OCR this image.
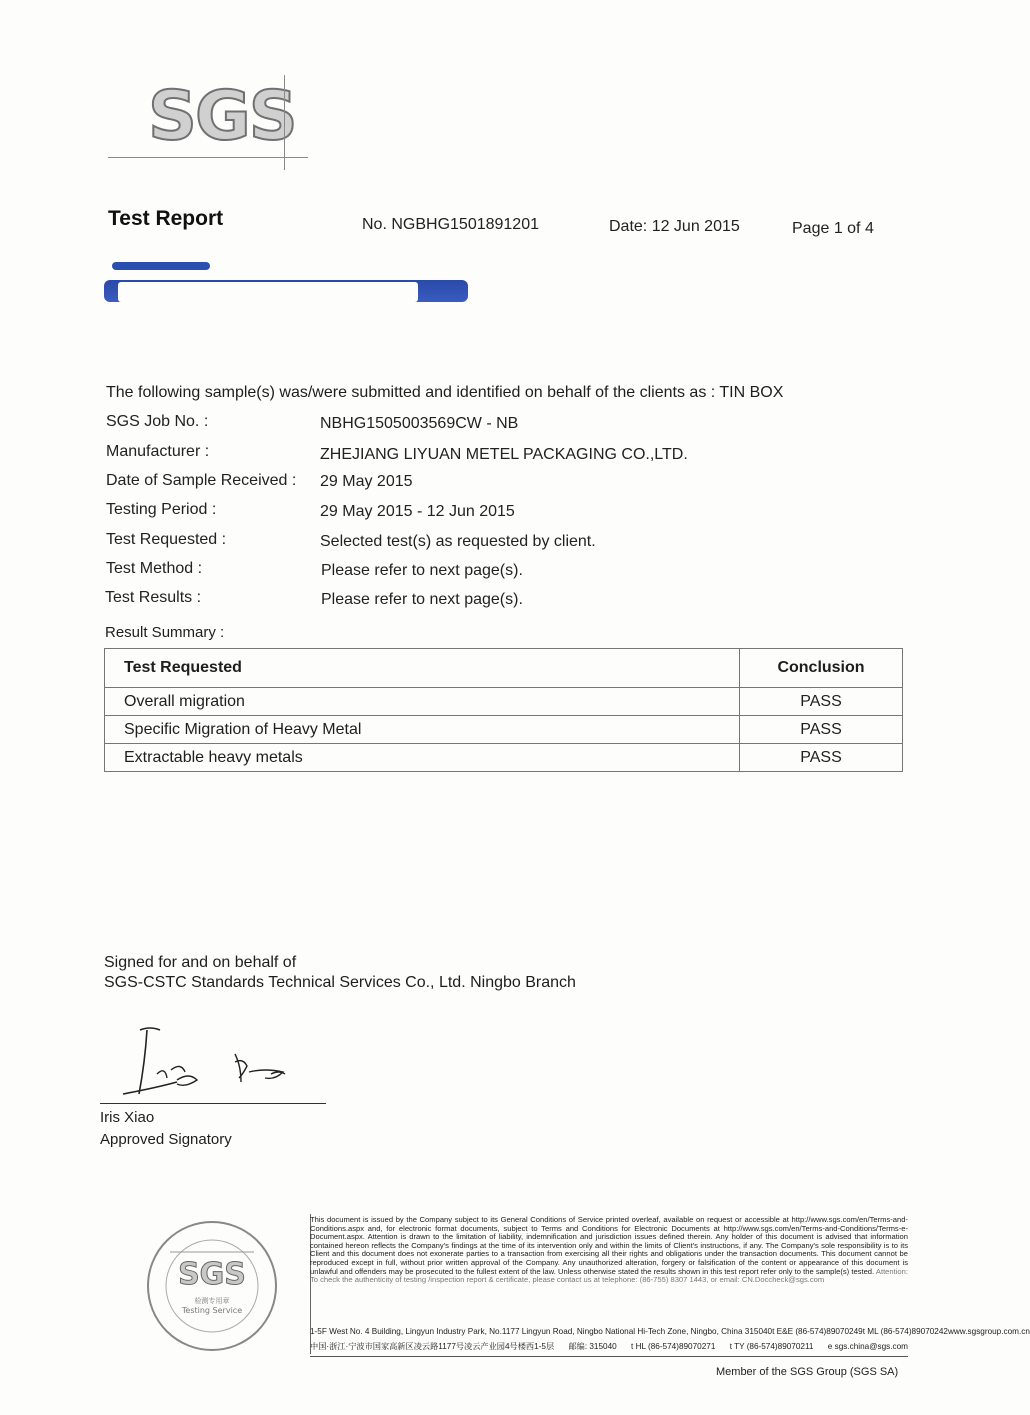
SGS
Test Report	No. NGBHG1501891201	Date: 12 Jun 2015	Page 1 of 4
The following sample(s) was/were submitted and identified on behalf of the clients as : TIN BOX
SGS Job No. :	NBHG1505003569CW - NB
Manufacturer :	ZHEJIANG LIYUAN METEL PACKAGING CO.,LTD.
Date of Sample Received : 29 May 2015
Testing Period :	29 May 2015 - 12 Jun 2015
Test Requested :	Selected test(s) as requested by client.
Test Method :	Please refer to next page(s).
Test Results :	Please refer to next page(s).
Result Summary :
Test Requested	Conclusion
Overall migration	PASS
Specific Migration of Heavy Metal	PASS
Extractable heavy metals	PASS
Signed for and on behalf of
SGS-CSTC Standards Technical Services Co., Ltd. Ningbo Branch
Iris Xiao
Approved Signatory
SGS
检测专用章
Testing Service
This document is issued by the Company subject to its General Conditions of Service printed overleaf, available on request or accessible at http://www.sgs.com/en/Terms-and-Conditions.aspx and, for electronic format documents, subject to Terms and Conditions for Electronic Documents at http://www.sgs.com/en/Terms-and-Conditions/Terms-e-Document.aspx. Attention is drawn to the limitation of liability, indemnification and jurisdiction issues defined therein. Any holder of this document is advised that information contained hereon reflects the Company's findings at the time of its intervention only and within the limits of Client's instructions, if any. The Company's sole responsibility is to its Client and this document does not exonerate parties to a transaction from exercising all their rights and obligations under the transaction documents. This document cannot be reproduced except in full, without prior written approval of the Company. Any unauthorized alteration, forgery or falsification of the content or appearance of this document is unlawful and offenders may be prosecuted to the fullest extent of the law. Unless otherwise stated the results shown in this test report refer only to the sample(s) tested. Attention: To check the authenticity of testing /inspection report & certificate, please contact us at telephone: (86-755) 8307 1443, or email: CN.Doccheck@sgs.com
1-5F West No. 4 Building, Lingyun Industry Park, No.1177 Lingyun Road, Ningbo National Hi-Tech Zone, Ningbo, China 315040 t E&E (86-574)89070249 t ML (86-574)89070242 www.sgsgroup.com.cn
中国·浙江·宁波市国家高新区凌云路1177号凌云产业园4号楼西1-5层 邮编: 315040 t HL (86-574)89070271 t TY (86-574)89070211 e sgs.china@sgs.com
Member of the SGS Group (SGS SA)
